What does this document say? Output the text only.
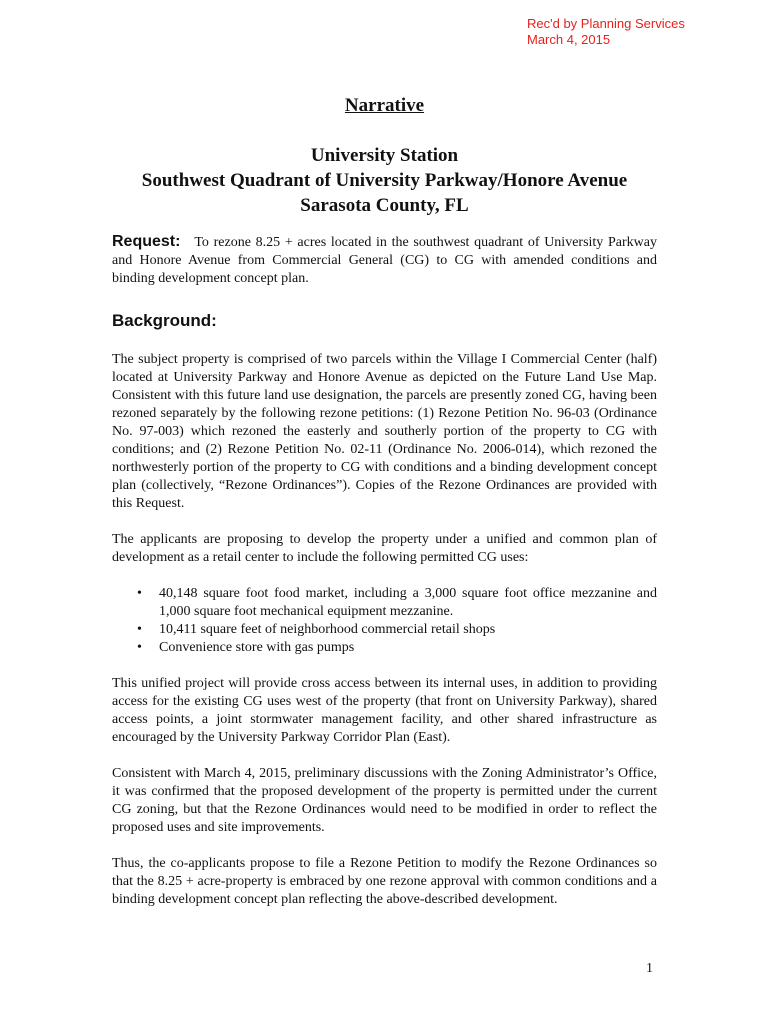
Rec'd by Planning Services
March 4, 2015
Narrative
University Station
Southwest Quadrant of University Parkway/Honore Avenue
Sarasota County, FL

Request: To rezone 8.25 + acres located in the southwest quadrant of University Parkway and Honore Avenue from Commercial General (CG) to CG with amended conditions and binding development concept plan.

Background:

The subject property is comprised of two parcels within the Village I Commercial Center (half) located at University Parkway and Honore Avenue as depicted on the Future Land Use Map. Consistent with this future land use designation, the parcels are presently zoned CG, having been rezoned separately by the following rezone petitions: (1) Rezone Petition No. 96-03 (Ordinance No. 97-003) which rezoned the easterly and southerly portion of the property to CG with conditions; and (2) Rezone Petition No. 02-11 (Ordinance No. 2006-014), which rezoned the northwesterly portion of the property to CG with conditions and a binding development concept plan (collectively, “Rezone Ordinances”). Copies of the Rezone Ordinances are provided with this Request.

The applicants are proposing to develop the property under a unified and common plan of development as a retail center to include the following permitted CG uses:

• 40,148 square foot food market, including a 3,000 square foot office mezzanine and 1,000 square foot mechanical equipment mezzanine.
• 10,411 square feet of neighborhood commercial retail shops
• Convenience store with gas pumps

This unified project will provide cross access between its internal uses, in addition to providing access for the existing CG uses west of the property (that front on University Parkway), shared access points, a joint stormwater management facility, and other shared infrastructure as encouraged by the University Parkway Corridor Plan (East).

Consistent with March 4, 2015, preliminary discussions with the Zoning Administrator’s Office, it was confirmed that the proposed development of the property is permitted under the current CG zoning, but that the Rezone Ordinances would need to be modified in order to reflect the proposed uses and site improvements.

Thus, the co-applicants propose to file a Rezone Petition to modify the Rezone Ordinances so that the 8.25 + acre-property is embraced by one rezone approval with common conditions and a binding development concept plan reflecting the above-described development.

1
